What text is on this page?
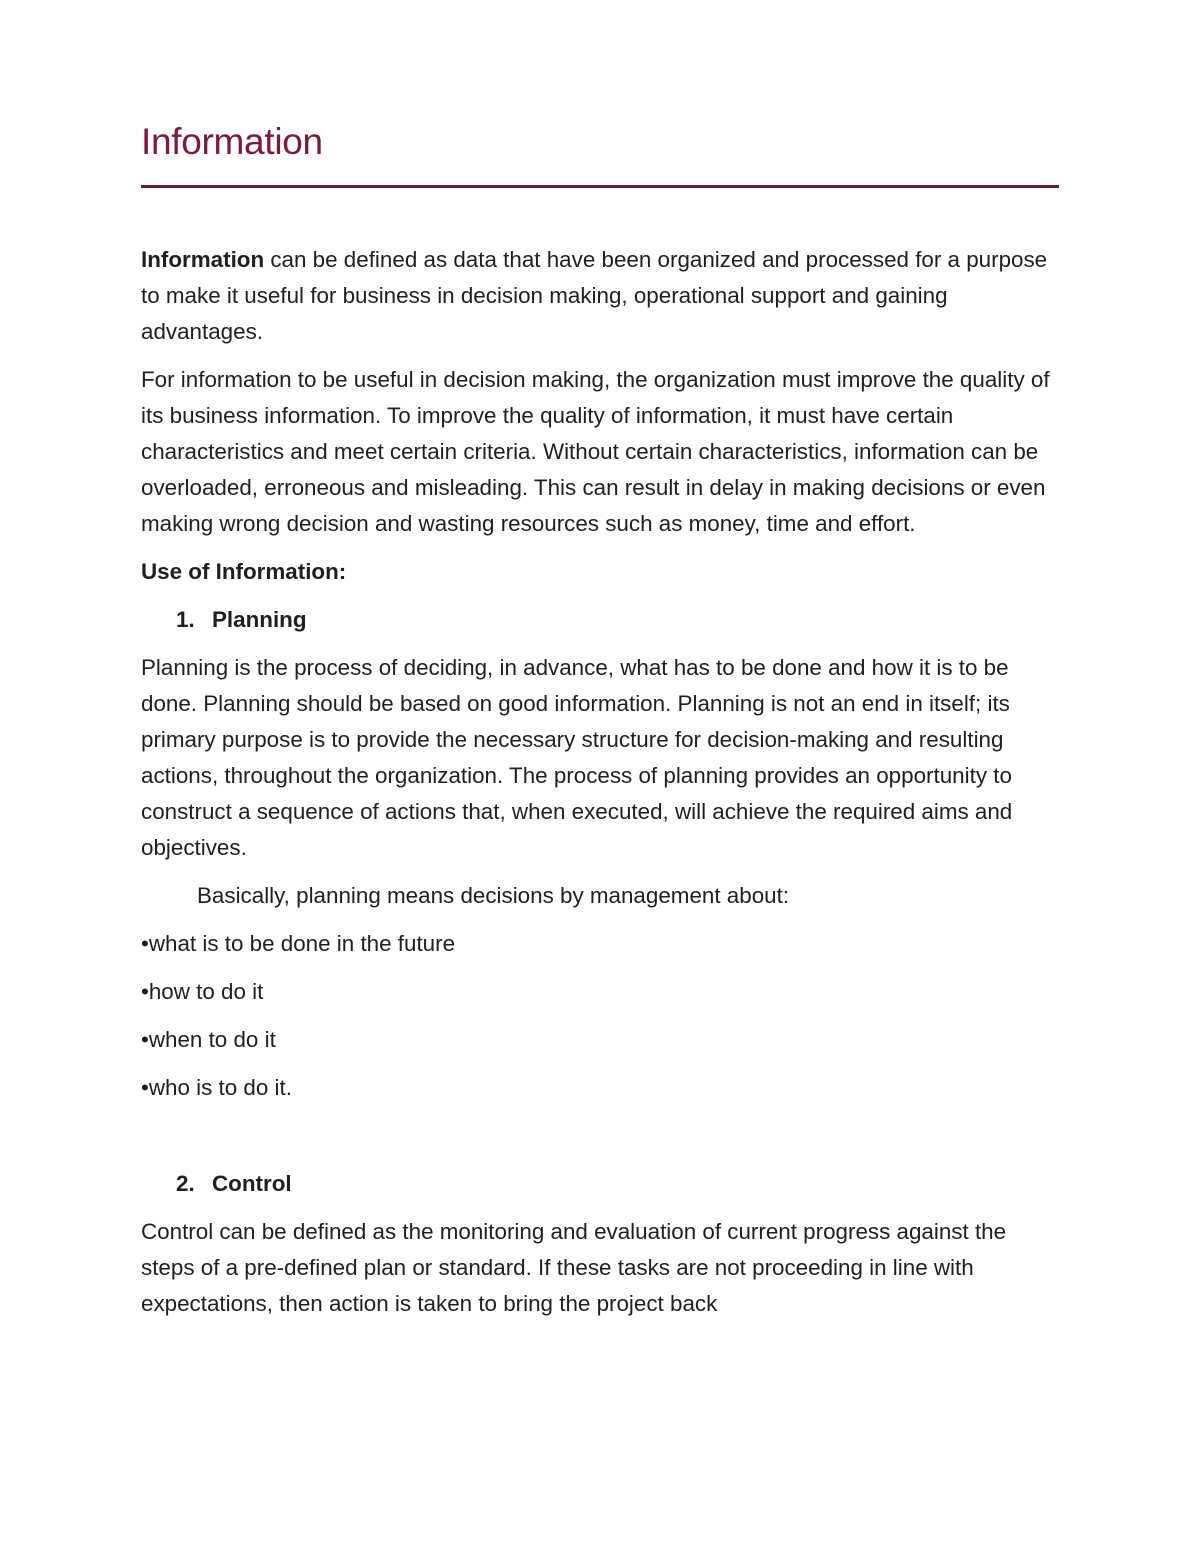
Information

Information can be defined as data that have been organized and processed for a purpose to make it useful for business in decision making, operational support and gaining advantages.

For information to be useful in decision making, the organization must improve the quality of its business information. To improve the quality of information, it must have certain characteristics and meet certain criteria. Without certain characteristics, information can be overloaded, erroneous and misleading. This can result in delay in making decisions or even making wrong decision and wasting resources such as money, time and effort.

Use of Information:

1. Planning

Planning is the process of deciding, in advance, what has to be done and how it is to be done. Planning should be based on good information. Planning is not an end in itself; its primary purpose is to provide the necessary structure for decision-making and resulting actions, throughout the organization. The process of planning provides an opportunity to construct a sequence of actions that, when executed, will achieve the required aims and objectives.

Basically, planning means decisions by management about:

•what is to be done in the future

•how to do it

•when to do it

•who is to do it.

2. Control

Control can be defined as the monitoring and evaluation of current progress against the steps of a pre-defined plan or standard. If these tasks are not proceeding in line with expectations, then action is taken to bring the project back
